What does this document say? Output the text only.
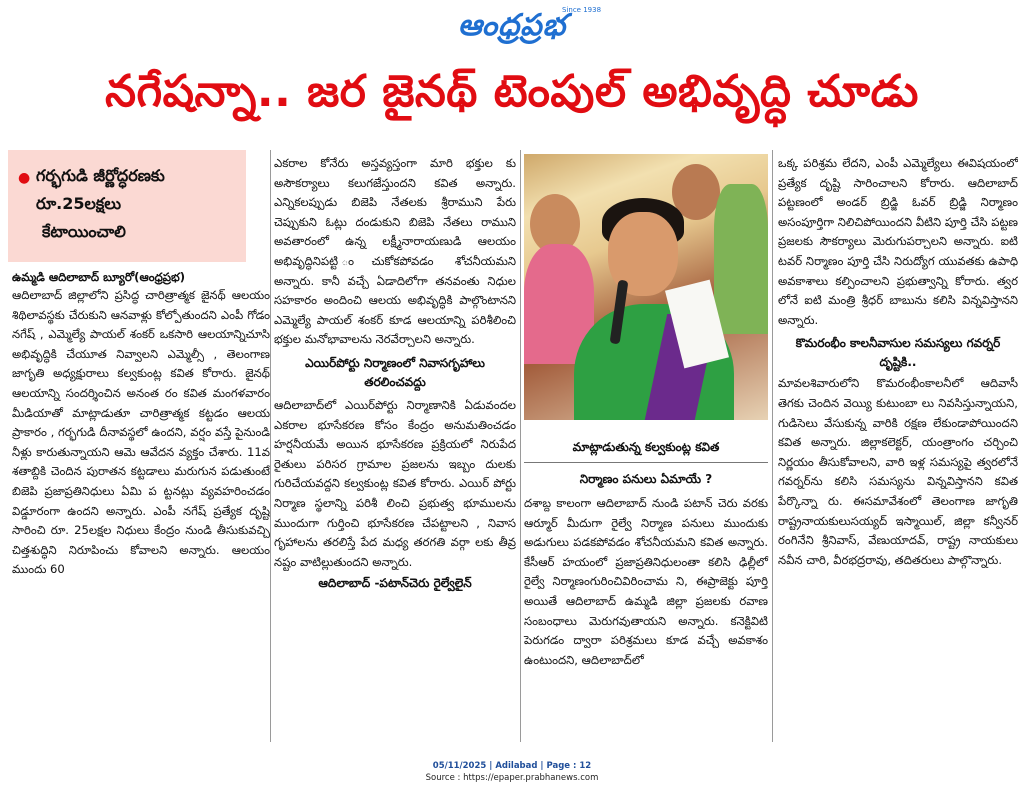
ఆంధ్రప్రభ
Since 1938
నగేషన్నా.. జర జైనథ్ టెంపుల్ అభివృద్ధి చూడు
● గర్భగుడి జీర్ణోద్ధరణకు
రూ.25లక్షలు
కేటాయించాలి
ఉమ్మడి ఆదిలాబాద్ బ్యూరో(ఆంధ్రప్రభ)
ఆదిలాబాద్ జిల్లాలోని ప్రసిద్ధ చారిత్రాత్మక జైనథ్ ఆలయం శిథిలావస్థకు చేరుకుని ఆనవాళ్లు కోల్పోతుందని ఎంపీ గోడం నగేష్ , ఎమ్మెల్యే పాయల్ శంకర్ ఒకసారి ఆలయాన్నిచూసి అభివృద్ధికి చేయూత నివ్వాలని ఎమ్మెల్సీ , తెలంగాణ జాగృతి అధ్యక్షురాలు కల్వకుంట్ల కవిత కోరారు. జైనథ్ ఆలయాన్ని సందర్శించిన అనంత రం కవిత మంగళవారం మీడియాతో మాట్లాడుతూ చారిత్రాత్మక కట్టడం ఆలయ ప్రాకారం , గర్భగుడి దీనావస్థలో ఉందని, వర్షం వస్తే పైనుండి నీళ్లు కారుతున్నాయని ఆమె ఆవేదన వ్యక్తం చేశారు. 11వ శతాబ్దికి చెందిన పురాతన కట్టడాలు మరుగున పడుతుంటే బిజెపి ప్రజాప్రతినిధులు ఏమి ప ట్టనట్లు వ్యవహరించడం విడ్డూరంగా ఉందని అన్నారు. ఎంపీ నగేష్ ప్రత్యేక దృష్టి సారించి రూ. 25లక్షల నిధులు కేంద్రం నుండి తీసుకువచ్చి చిత్తశుద్ధిని నిరూపించు కోవాలని అన్నారు. ఆలయం ముందు 60
ఎకరాల కోనేరు అస్తవ్యస్తంగా మారి భక్తుల కు అసౌకర్యాలు కలుగజేస్తుందని కవిత అన్నారు. ఎన్నికలప్పుడు బిజెపి నేతలకు శ్రీరాముని పేరు చెప్పుకుని ఓట్లు దండుకుని బిజెపి నేతలు రాముని అవతారంలో ఉన్న లక్ష్మీనారాయణుడి ఆలయం అభివృద్ధినిపట్టి ంచుకోకపోవడం శోచనీయమని అన్నారు. కానీ వచ్చే ఏడాదిలోగా తనవంతు నిధుల సహకారం అందించి ఆలయ అభివృద్ధికి పాల్గొంటానని ఎమ్మెల్యే పాయల్ శంకర్ కూడ ఆలయాన్ని పరిశీలించి భక్తుల మనోభావాలను నెరవేర్చాలని అన్నారు.
ఎయిర్‌పోర్టు నిర్మాణంలో నివాసగృహాలు తరలించవద్దు
ఆదిలాబాద్‌లో ఎయిర్‌పోర్టు నిర్మాణానికి ఏడువందల ఎకరాల భూసేకరణ కోసం కేంద్రం అనుమతించడం హర్షనీయమే అయిన భూసేకరణ ప్రక్రియలో నిరుపేద రైతులు పరిసర గ్రామాల ప్రజలను ఇబ్బం దులకు గురిచేయవద్దని కల్వకుంట్ల కవిత కోరారు. ఎయిర్ పోర్టు నిర్మాణ స్థలాన్ని పరిశీ లించి ప్రభుత్వ భూములను ముందుగా గుర్తించి భూసేకరణ చేపట్టాలని , నివాస గృహాలను తరలిస్తే పేద మధ్య తరగతి వర్గా లకు తీవ్ర నష్టం వాటిల్లుతుందని అన్నారు.
ఆదిలాబాద్ -పటాన్‌చెరు రైల్వేలైన్
మాట్లాడుతున్న కల్వకుంట్ల కవిత
నిర్మాణం పనులు ఏమాయే ?
దశాబ్ద కాలంగా ఆదిలాబాద్ నుండి పటాన్ చెరు వరకు ఆర్మూర్ మీదుగా రైల్వే నిర్మాణ పనులు ముందుకు అడుగులు పడకపోవడం శోచనీయమని కవిత అన్నారు. కేసీఆర్ హయంలో ప్రజాప్రతినిధులంతా కలిసి ఢిల్లీలో రైల్వే నిర్మాణంగురించివిరించామ ని, ఈప్రాజెక్టు పూర్తి అయితే ఆదిలాబాద్ ఉమ్మడి జిల్లా ప్రజలకు రవాణ సంబంధాలు మెరుగవుతాయని అన్నారు. కనెక్టివిటి పెరుగడం ద్వారా పరిశ్రమలు కూడ వచ్చే అవకాశం ఉంటుందని, ఆదిలాబాద్‌లో
ఒక్క పరిశ్రమ లేదని, ఎంపీ ఎమ్మెల్యేలు ఈవిషయంలో ప్రత్యేక దృష్టి సారించాలని కోరారు. ఆదిలాబాద్ పట్టణంలో అండర్ బ్రిడ్జి ఓవర్ బ్రిడ్జి నిర్మాణం అసంపూర్తిగా నిలిచిపోయిందని వీటిని పూర్తి చేసి పట్టణ ప్రజలకు సౌకర్యాలు మెరుగుపర్చాలని అన్నారు. ఐటి టవర్ నిర్మాణం పూర్తి చేసి నిరుద్యోగ యువతకు ఉపాధి అవకాశాలు కల్పించాలని ప్రభుత్వాన్ని కోరారు. త్వర లోనే ఐటి మంత్రి శ్రీధర్ బాబును కలిసి విన్నవిస్తానని అన్నారు.
కొమరంభీం కాలనీవాసుల సమస్యలు గవర్నర్ దృష్టికి..
మావలశివారులోని కొమరంభీంకాలనీలో ఆదివాసీ తెగకు చెందిన వెయ్యి కుటుంబా లు నివసిస్తున్నాయని, గుడిసెలు వేసుకున్న వారికి రక్షణ లేకుండాపోయిందని కవిత అన్నారు. జిల్లాకలెక్టర్, యంత్రాంగం చర్చించి నిర్ణయం తీసుకోవాలని, వారి ఇళ్ల సమస్యపై త్వరలోనే గవర్నర్‌ను కలిసి సమస్యను విన్నవిస్తానని కవిత పేర్కొన్నా రు. ఈసమావేశంలో తెలంగాణ జాగృతి రాష్ట్రనాయకులుసయ్యద్ ఇస్మాయిల్, జిల్లా కన్వీనర్ రంగినేని శ్రీనివాస్, వేణుయాదవ్, రాష్ట్ర నాయకులు నవీన చారి, వీరభద్రరావు, తదితరులు పాల్గొన్నారు.
05/11/2025 | Adilabad | Page : 12
Source : https://epaper.prabhanews.com
